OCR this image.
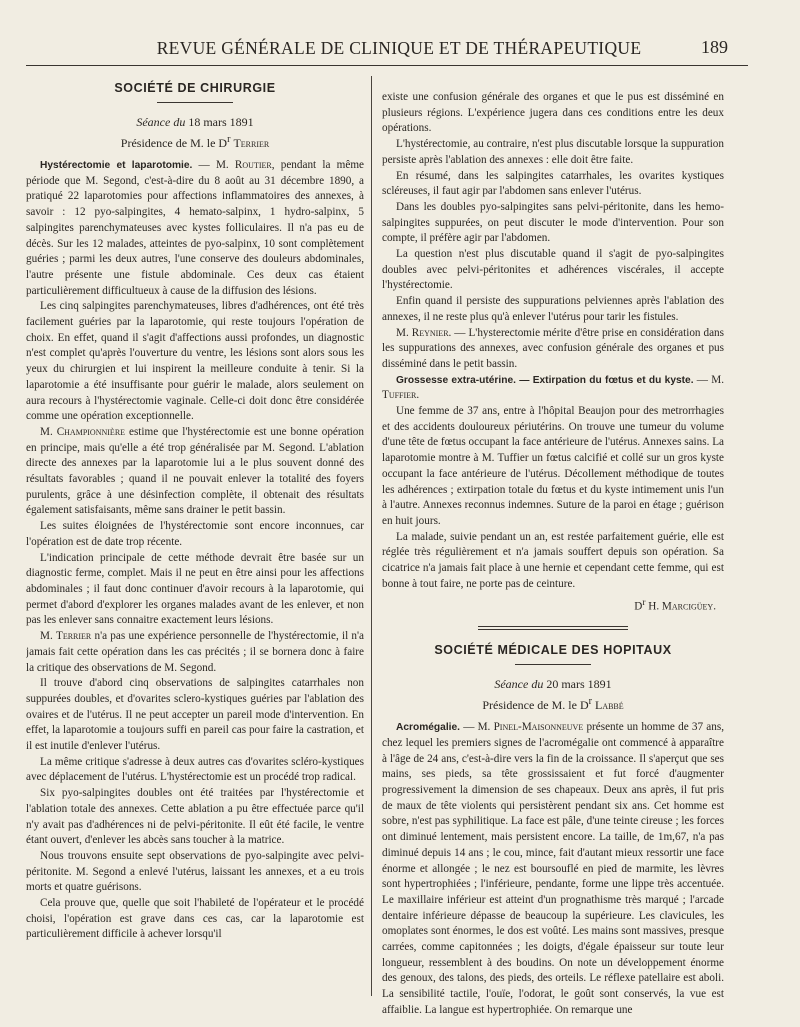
REVUE GÉNÉRALE DE CLINIQUE ET DE THÉRAPEUTIQUE	189
SOCIÉTÉ DE CHIRURGIE

Séance du 18 mars 1891

Présidence de M. le $D^r$ Terrier

Hystérectomie et laparotomie. — M. Routier, pendant la même période que M. Segond, c'est-à-dire du 8 août au 31 décembre 1890, a pratiqué 22 laparotomies pour affections inflammatoires des annexes, à savoir : 12 pyo-salpingites, 4 hemato-salpinx, 1 hydro-salpinx, 5 salpingites parenchymateuses avec kystes folliculaires. Il n'a pas eu de décès. Sur les 12 malades, atteintes de pyo-salpinx, 10 sont complètement guéries ; parmi les deux autres, l'une conserve des douleurs abdominales, l'autre présente une fistule abdominale. Ces deux cas étaient particulièrement difficultueux à cause de la diffusion des lésions.

Les cinq salpingites parenchymateuses, libres d'adhérences, ont été très facilement guéries par la laparotomie, qui reste toujours l'opération de choix. En effet, quand il s'agit d'affections aussi profondes, un diagnostic n'est complet qu'après l'ouverture du ventre, les lésions sont alors sous les yeux du chirurgien et lui inspirent la meilleure conduite à tenir. Si la laparotomie a été insuffisante pour guérir le malade, alors seulement on aura recours à l'hystérectomie vaginale. Celle-ci doit donc être considérée comme une opération exceptionnelle.

M. Championnière estime que l'hystérectomie est une bonne opération en principe, mais qu'elle a été trop généralisée par M. Segond. L'ablation directe des annexes par la laparotomie lui a le plus souvent donné des résultats favorables ; quand il ne pouvait enlever la totalité des foyers purulents, grâce à une désinfection complète, il obtenait des résultats également satisfaisants, même sans drainer le petit bassin.

Les suites éloignées de l'hystérectomie sont encore inconnues, car l'opération est de date trop récente.

L'indication principale de cette méthode devrait être basée sur un diagnostic ferme, complet. Mais il ne peut en être ainsi pour les affections abdominales ; il faut donc continuer d'avoir recours à la laparotomie, qui permet d'abord d'explorer les organes malades avant de les enlever, et non pas les enlever sans connaitre exactement leurs lésions.

M. Terrier n'a pas une expérience personnelle de l'hystérectomie, il n'a jamais fait cette opération dans les cas précités ; il se bornera donc à faire la critique des observations de M. Segond.

Il trouve d'abord cinq observations de salpingites catarrhales non suppurées doubles, et d'ovarites sclero-kystiques guéries par l'ablation des ovaires et de l'utérus. Il ne peut accepter un pareil mode d'intervention. En effet, la laparotomie a toujours suffi en pareil cas pour faire la castration, et il est inutile d'enlever l'utérus.

La même critique s'adresse à deux autres cas d'ovarites scléro-kystiques avec déplacement de l'utérus. L'hystérectomie est un procédé trop radical.

Six pyo-salpingites doubles ont été traitées par l'hystérectomie et l'ablation totale des annexes. Cette ablation a pu être effectuée parce qu'il n'y avait pas d'adhérences ni de pelvi-péritonite. Il eût été facile, le ventre étant ouvert, d'enlever les abcès sans toucher à la matrice.

Nous trouvons ensuite sept observations de pyo-salpingite avec pelvi-péritonite. M. Segond a enlevé l'utérus, laissant les annexes, et a eu trois morts et quatre guérisons.

Cela prouve que, quelle que soit l'habileté de l'opérateur et le procédé choisi, l'opération est grave dans ces cas, car la laparotomie est particulièrement difficile à achever lorsqu'il

existe une confusion générale des organes et que le pus est disséminé en plusieurs régions. L'expérience jugera dans ces conditions entre les deux opérations.

L'hystérectomie, au contraire, n'est plus discutable lorsque la suppuration persiste après l'ablation des annexes : elle doit être faite.

En résumé, dans les salpingites catarrhales, les ovarites kystiques scléreuses, il faut agir par l'abdomen sans enlever l'utérus.

Dans les doubles pyo-salpingites sans pelvi-péritonite, dans les hemo-salpingites suppurées, on peut discuter le mode d'intervention. Pour son compte, il préfère agir par l'abdomen.

La question n'est plus discutable quand il s'agit de pyo-salpingites doubles avec pelvi-péritonites et adhérences viscérales, il accepte l'hystérectomie.

Enfin quand il persiste des suppurations pelviennes après l'ablation des annexes, il ne reste plus qu'à enlever l'utérus pour tarir les fistules.

M. Reynier. — L'hysterectomie mérite d'être prise en considération dans les suppurations des annexes, avec confusion générale des organes et pus disséminé dans le petit bassin.

Grossesse extra-utérine. — Extirpation du fœtus et du kyste. — M. Tuffier.

Une femme de 37 ans, entre à l'hôpital Beaujon pour des metrorrhagies et des accidents douloureux périutérins. On trouve une tumeur du volume d'une tête de fœtus occupant la face antérieure de l'utérus. Annexes sains. La laparotomie montre à M. Tuffier un fœtus calcifié et collé sur un gros kyste occupant la face antérieure de l'utérus. Décollement méthodique de toutes les adhérences ; extirpation totale du fœtus et du kyste intimement unis l'un à l'autre. Annexes reconnus indemnes. Suture de la paroi en étage ; guérison en huit jours.

La malade, suivie pendant un an, est restée parfaitement guérie, elle est réglée très régulièrement et n'a jamais souffert depuis son opération. Sa cicatrice n'a jamais fait place à une hernie et cependant cette femme, qui est bonne à tout faire, ne porte pas de ceinture.

$D^r$ H. Marcigüey.

SOCIÉTÉ MÉDICALE DES HOPITAUX

Séance du 20 mars 1891

Présidence de M. le $D^r$ Labbé

Acromégalie. — M. Pinel-Maisonneuve présente un homme de 37 ans, chez lequel les premiers signes de l'acromégalie ont commencé à apparaître à l'âge de 24 ans, c'est-à-dire vers la fin de la croissance. Il s'aperçut que ses mains, ses pieds, sa tête grossissaient et fut forcé d'augmenter progressivement la dimension de ses chapeaux. Deux ans après, il fut pris de maux de tête violents qui persistèrent pendant six ans. Cet homme est sobre, n'est pas syphilitique. La face est pâle, d'une teinte cireuse ; les forces ont diminué lentement, mais persistent encore. La taille, de 1m,67, n'a pas diminué depuis 14 ans ; le cou, mince, fait d'autant mieux ressortir une face énorme et allongée ; le nez est boursouflé en pied de marmite, les lèvres sont hypertrophiées ; l'inférieure, pendante, forme une lippe très accentuée. Le maxillaire inférieur est atteint d'un prognathisme très marqué ; l'arcade dentaire inférieure dépasse de beaucoup la supérieure. Les clavicules, les omoplates sont énormes, le dos est voûté. Les mains sont massives, presque carrées, comme capitonnées ; les doigts, d'égale épaisseur sur toute leur longueur, ressemblent à des boudins. On note un développement énorme des genoux, des talons, des pieds, des orteils. Le réflexe patellaire est aboli. La sensibilité tactile, l'ouïe, l'odorat, le goût sont conservés, la vue est affaiblie. La langue est hypertrophiée. On remarque une
